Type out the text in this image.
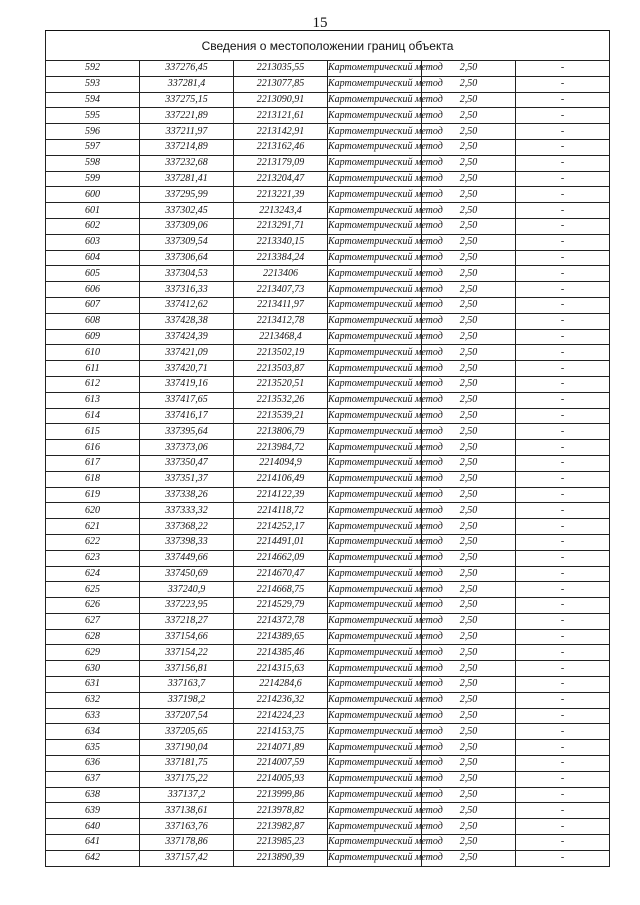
15
Сведения о местоположении границ объекта					
592	337276,45	2213035,55	Картометрический метод	2,50	-
593	337281,4	2213077,85	Картометрический метод	2,50	-
594	337275,15	2213090,91	Картометрический метод	2,50	-
595	337221,89	2213121,61	Картометрический метод	2,50	-
596	337211,97	2213142,91	Картометрический метод	2,50	-
597	337214,89	2213162,46	Картометрический метод	2,50	-
598	337232,68	2213179,09	Картометрический метод	2,50	-
599	337281,41	2213204,47	Картометрический метод	2,50	-
600	337295,99	2213221,39	Картометрический метод	2,50	-
601	337302,45	2213243,4	Картометрический метод	2,50	-
602	337309,06	2213291,71	Картометрический метод	2,50	-
603	337309,54	2213340,15	Картометрический метод	2,50	-
604	337306,64	2213384,24	Картометрический метод	2,50	-
605	337304,53	2213406	Картометрический метод	2,50	-
606	337316,33	2213407,73	Картометрический метод	2,50	-
607	337412,62	2213411,97	Картометрический метод	2,50	-
608	337428,38	2213412,78	Картометрический метод	2,50	-
609	337424,39	2213468,4	Картометрический метод	2,50	-
610	337421,09	2213502,19	Картометрический метод	2,50	-
611	337420,71	2213503,87	Картометрический метод	2,50	-
612	337419,16	2213520,51	Картометрический метод	2,50	-
613	337417,65	2213532,26	Картометрический метод	2,50	-
614	337416,17	2213539,21	Картометрический метод	2,50	-
615	337395,64	2213806,79	Картометрический метод	2,50	-
616	337373,06	2213984,72	Картометрический метод	2,50	-
617	337350,47	2214094,9	Картометрический метод	2,50	-
618	337351,37	2214106,49	Картометрический метод	2,50	-
619	337338,26	2214122,39	Картометрический метод	2,50	-
620	337333,32	2214118,72	Картометрический метод	2,50	-
621	337368,22	2214252,17	Картометрический метод	2,50	-
622	337398,33	2214491,01	Картометрический метод	2,50	-
623	337449,66	2214662,09	Картометрический метод	2,50	-
624	337450,69	2214670,47	Картометрический метод	2,50	-
625	337240,9	2214668,75	Картометрический метод	2,50	-
626	337223,95	2214529,79	Картометрический метод	2,50	-
627	337218,27	2214372,78	Картометрический метод	2,50	-
628	337154,66	2214389,65	Картометрический метод	2,50	-
629	337154,22	2214385,46	Картометрический метод	2,50	-
630	337156,81	2214315,63	Картометрический метод	2,50	-
631	337163,7	2214284,6	Картометрический метод	2,50	-
632	337198,2	2214236,32	Картометрический метод	2,50	-
633	337207,54	2214224,23	Картометрический метод	2,50	-
634	337205,65	2214153,75	Картометрический метод	2,50	-
635	337190,04	2214071,89	Картометрический метод	2,50	-
636	337181,75	2214007,59	Картометрический метод	2,50	-
637	337175,22	2214005,93	Картометрический метод	2,50	-
638	337137,2	2213999,86	Картометрический метод	2,50	-
639	337138,61	2213978,82	Картометрический метод	2,50	-
640	337163,76	2213982,87	Картометрический метод	2,50	-
641	337178,86	2213985,23	Картометрический метод	2,50	-
642	337157,42	2213890,39	Картометрический метод	2,50	-
